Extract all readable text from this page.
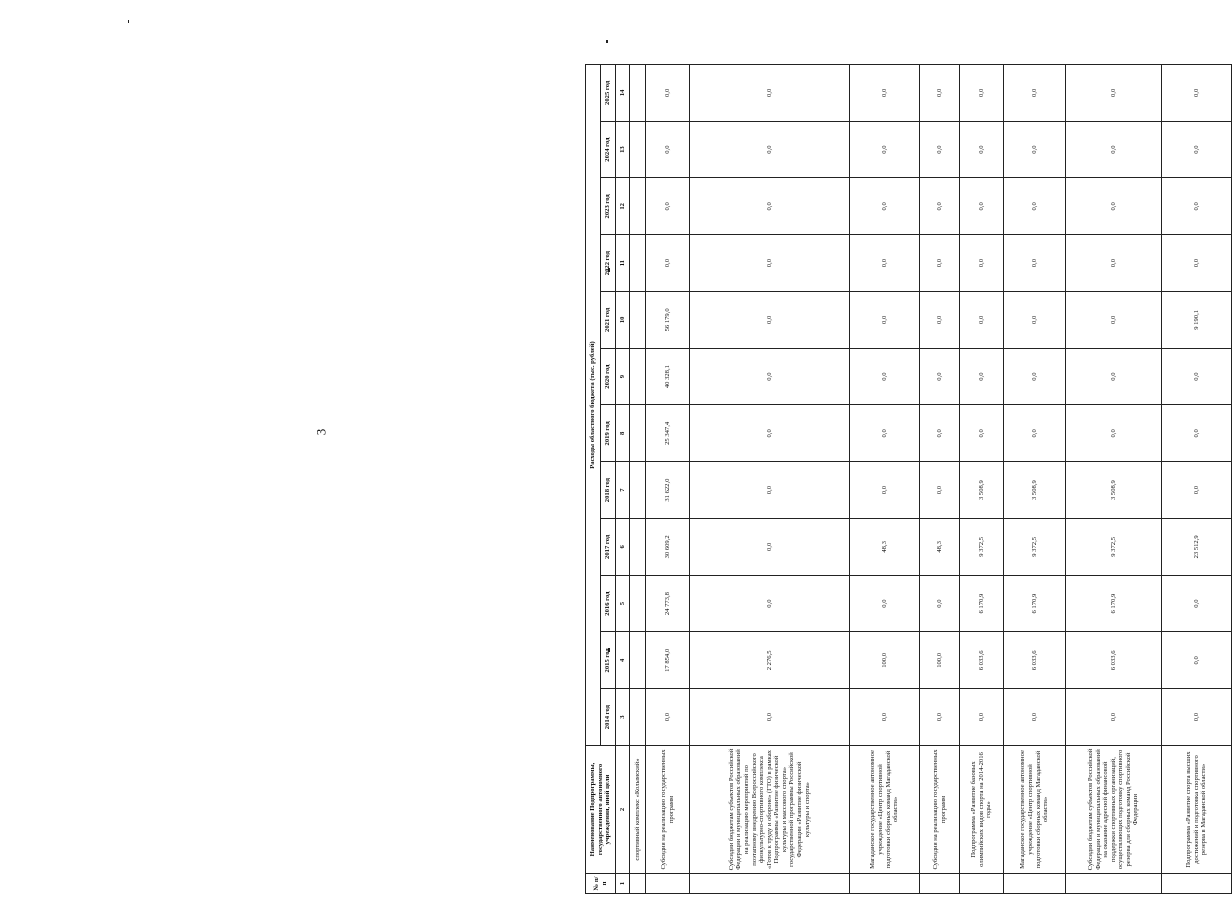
3
№ п/п	Наименование Подпрограммы, государственного автономного учреждения, иной цели	Расходы областного бюджета (тыс. рублей)											
		2014 год	2015 год	2016 год	2017 год	2018 год	2019 год	2020 год	2021 год	2022 год	2023 год	2024 год	2025 год
1	2	3	4	5	6	7	8	9	10	11	12	13	14
	спортивный комплекс «Колымский»												
	Субсидия на реализацию государственных программ	0,0	17 854,0	24 773,8	30 609,2	31 622,0	25 347,4	40 328,1	56 179,0	0,0	0,0	0,0	0,0
	Субсидии бюджетам субъектов Российской Федерации и муниципальных образований на реализацию мероприятий по поэтапному внедрению Всероссийского физкультурно-спортивного комплекса «Готов к труду и обороне» (ГТО) в рамках Подпрограммы «Развитие физической культуры и массового спорта» государственной программы Российской Федерации «Развитие физической культуры и спорта»	0,0	2 276,5	0,0	0,0	0,0	0,0	0,0	0,0	0,0	0,0	0,0	0,0
	Магаданское государственное автономное учреждение «Центр спортивной подготовки сборных команд Магаданской области»	0,0	100,0	0,0	48,3	0,0	0,0	0,0	0,0	0,0	0,0	0,0	0,0
	Субсидия на реализацию государственных программ	0,0	100,0	0,0	48,3	0,0	0,0	0,0	0,0	0,0	0,0	0,0	0,0
	Подпрограмма «Развитие базовых олимпийских видов спорта на 2014-2016 годы»	0,0	6 033,6	6 170,9	9 372,5	3 508,9	0,0	0,0	0,0	0,0	0,0	0,0	0,0
	Магаданское государственное автономное учреждение «Центр спортивной подготовки сборных команд Магаданской области»	0,0	6 033,6	6 170,9	9 372,5	3 508,9	0,0	0,0	0,0	0,0	0,0	0,0	0,0
	Субсидии бюджетам субъектов Российской Федерации и муниципальных образований на оказание адресной финансовой поддержки спортивных организаций, осуществляющих подготовку спортивного резерва для сборных команд Российской Федерации	0,0	6 033,6	6 170,9	9 372,5	3 508,9	0,0	0,0	0,0	0,0	0,0	0,0	0,0
	Подпрограмма «Развитие спорта высших достижений и подготовка спортивного резерва в Магаданской области»	0,0	0,0	0,0	23 512,9	0,0	0,0	0,0	9 190,1	0,0	0,0	0,0	0,0
